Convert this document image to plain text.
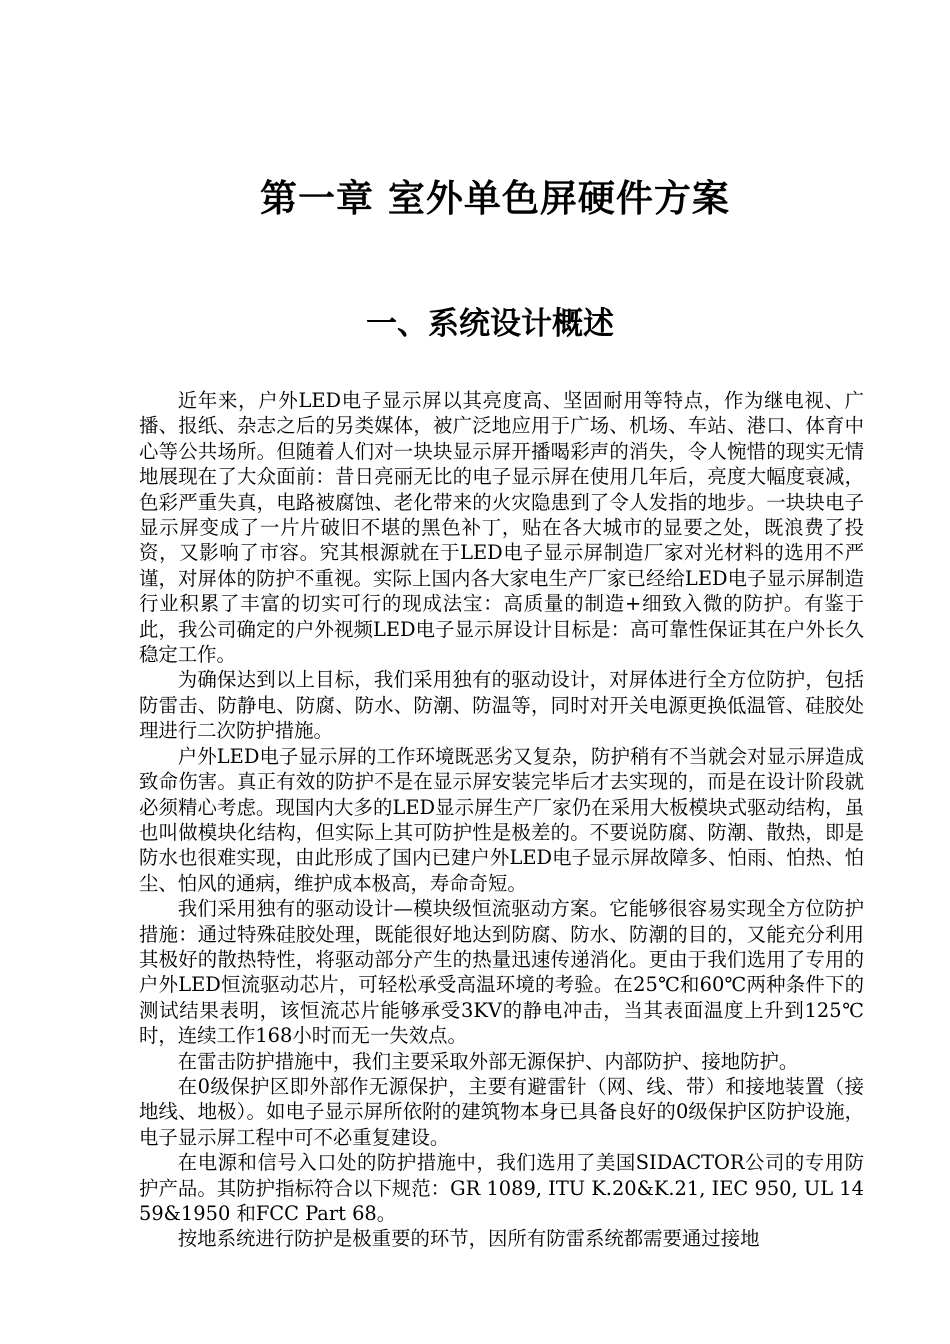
第一章 室外单色屏硬件方案
一、系统设计概述

近年来，户外LED电子显示屏以其亮度高、坚固耐用等特点，作为继电视、广播、报纸、杂志之后的另类媒体，被广泛地应用于广场、机场、车站、港口、体育中心等公共场所。但随着人们对一块块显示屏开播喝彩声的消失，令人惋惜的现实无情地展现在了大众面前：昔日亮丽无比的电子显示屏在使用几年后，亮度大幅度衰减，色彩严重失真，电路被腐蚀、老化带来的火灾隐患到了令人发指的地步。一块块电子显示屏变成了一片片破旧不堪的黑色补丁，贴在各大城市的显要之处，既浪费了投资，又影响了市容。究其根源就在于LED电子显示屏制造厂家对光材料的选用不严谨，对屏体的防护不重视。实际上国内各大家电生产厂家已经给LED电子显示屏制造行业积累了丰富的切实可行的现成法宝：高质量的制造+细致入微的防护。有鉴于此，我公司确定的户外视频LED电子显示屏设计目标是：高可靠性保证其在户外长久稳定工作。

为确保达到以上目标，我们采用独有的驱动设计，对屏体进行全方位防护，包括防雷击、防静电、防腐、防水、防潮、防温等，同时对开关电源更换低温管、硅胶处理进行二次防护措施。

户外LED电子显示屏的工作环境既恶劣又复杂，防护稍有不当就会对显示屏造成致命伤害。真正有效的防护不是在显示屏安装完毕后才去实现的，而是在设计阶段就必须精心考虑。现国内大多的LED显示屏生产厂家仍在采用大板模块式驱动结构，虽也叫做模块化结构，但实际上其可防护性是极差的。不要说防腐、防潮、散热，即是防水也很难实现，由此形成了国内已建户外LED电子显示屏故障多、怕雨、怕热、怕尘、怕风的通病，维护成本极高，寿命奇短。

我们采用独有的驱动设计—模块级恒流驱动方案。它能够很容易实现全方位防护措施：通过特殊硅胶处理，既能很好地达到防腐、防水、防潮的目的，又能充分利用其极好的散热特性，将驱动部分产生的热量迅速传递消化。更由于我们选用了专用的户外LED恒流驱动芯片，可轻松承受高温环境的考验。在25℃和60℃两种条件下的测试结果表明，该恒流芯片能够承受3KV的静电冲击，当其表面温度上升到125℃时，连续工作168小时而无一失效点。

在雷击防护措施中，我们主要采取外部无源保护、内部防护、接地防护。

在0级保护区即外部作无源保护，主要有避雷针（网、线、带）和接地装置（接地线、地极）。如电子显示屏所依附的建筑物本身已具备良好的0级保护区防护设施，电子显示屏工程中可不必重复建设。

在电源和信号入口处的防护措施中，我们选用了美国SIDACTOR公司的专用防护产品。其防护指标符合以下规范：GR 1089, ITU K.20&K.21, IEC 950, UL 1459&1950 和FCC Part 68。

按地系统进行防护是极重要的环节，因所有防雷系统都需要通过接地
